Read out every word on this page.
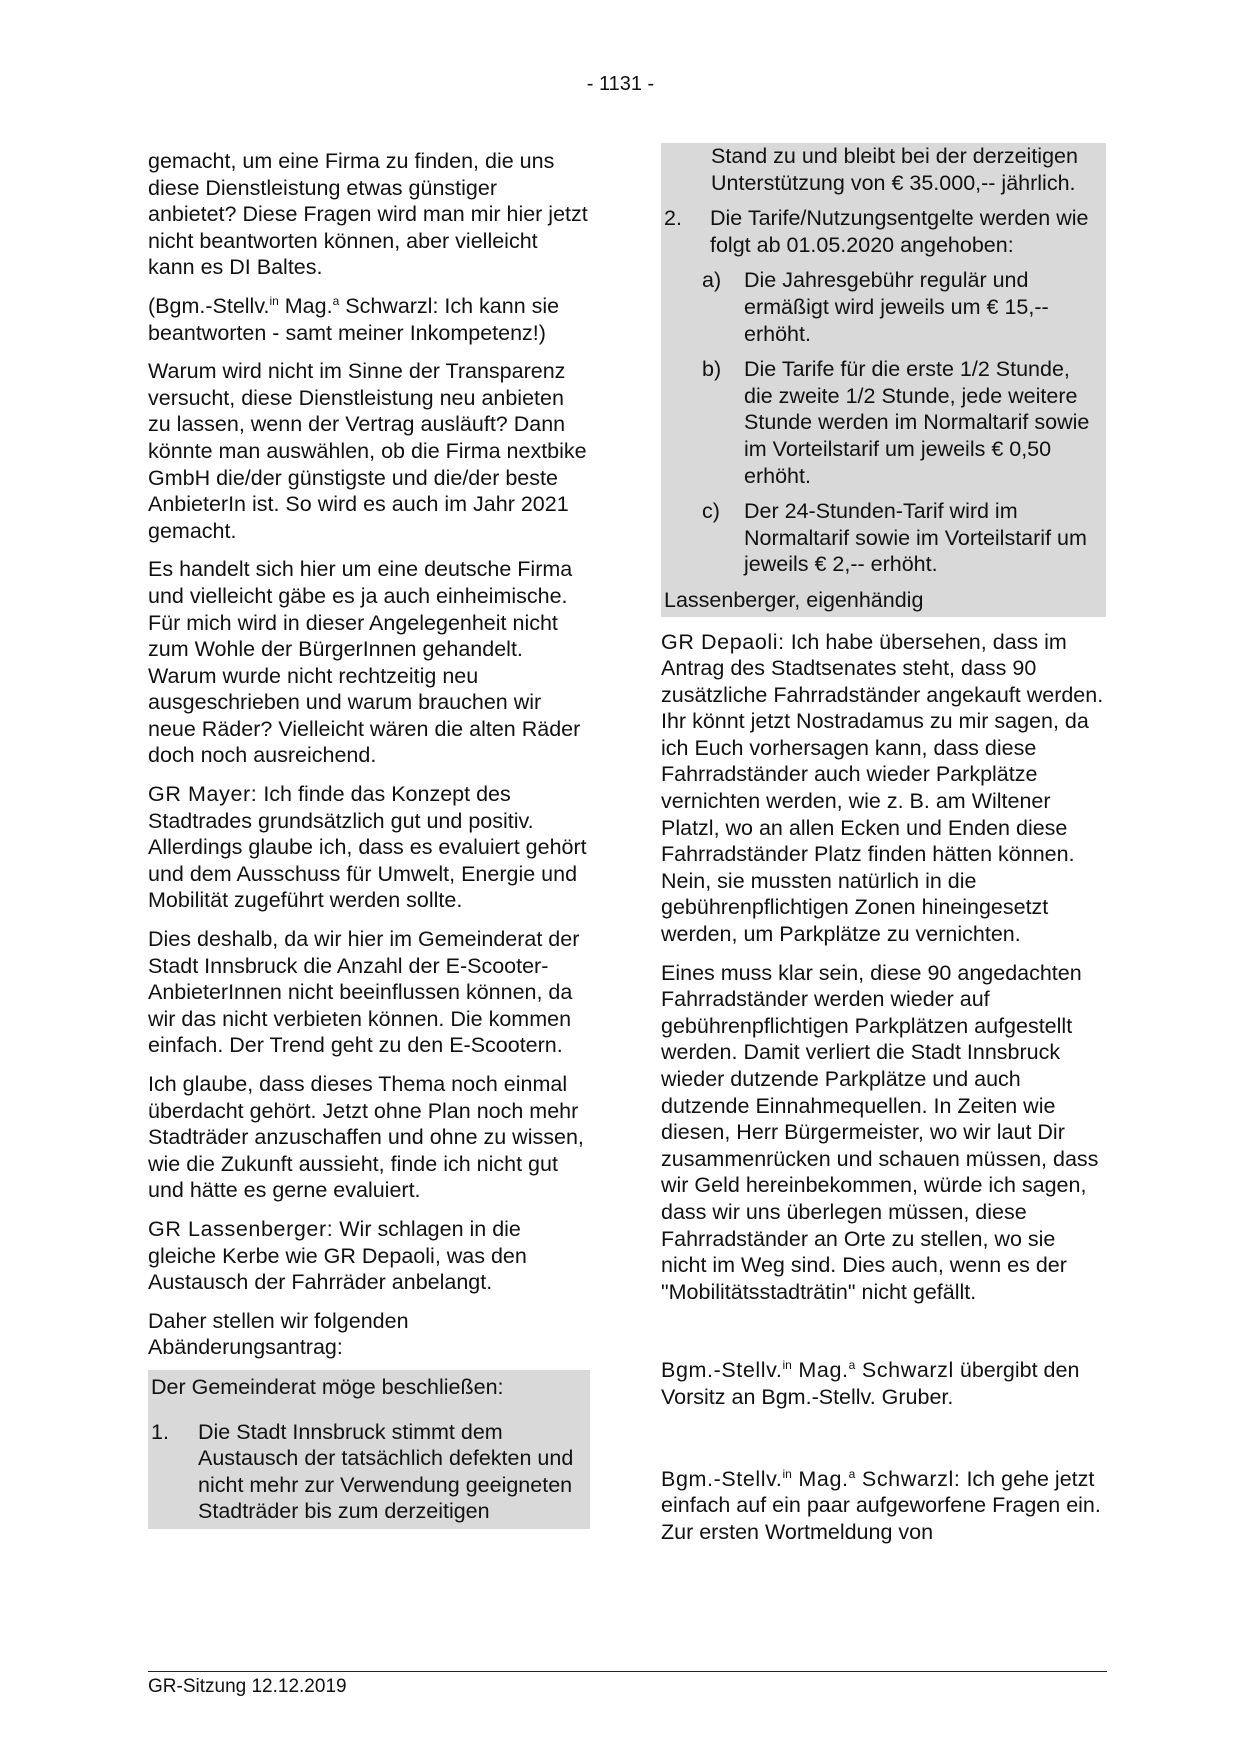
- 1131 -

gemacht, um eine Firma zu finden, die uns diese Dienstleistung etwas günstiger anbietet? Diese Fragen wird man mir hier jetzt nicht beantworten können, aber vielleicht kann es DI Baltes.

(Bgm.-Stellv.$^{in}$ Mag.$^a$ Schwarzl: Ich kann sie beantworten - samt meiner Inkompetenz!)

Warum wird nicht im Sinne der Transparenz versucht, diese Dienstleistung neu anbieten zu lassen, wenn der Vertrag ausläuft? Dann könnte man auswählen, ob die Firma nextbike GmbH die/der günstigste und die/der beste AnbieterIn ist. So wird es auch im Jahr 2021 gemacht.

Es handelt sich hier um eine deutsche Firma und vielleicht gäbe es ja auch einheimische. Für mich wird in dieser Angelegenheit nicht zum Wohle der BürgerInnen gehandelt. Warum wurde nicht rechtzeitig neu ausgeschrieben und warum brauchen wir neue Räder? Vielleicht wären die alten Räder doch noch ausreichend.

GR Mayer: Ich finde das Konzept des Stadtrades grundsätzlich gut und positiv. Allerdings glaube ich, dass es evaluiert gehört und dem Ausschuss für Umwelt, Energie und Mobilität zugeführt werden sollte.

Dies deshalb, da wir hier im Gemeinderat der Stadt Innsbruck die Anzahl der E-Scooter-AnbieterInnen nicht beeinflussen können, da wir das nicht verbieten können. Die kommen einfach. Der Trend geht zu den E-Scootern.

Ich glaube, dass dieses Thema noch einmal überdacht gehört. Jetzt ohne Plan noch mehr Stadträder anzuschaffen und ohne zu wissen, wie die Zukunft aussieht, finde ich nicht gut und hätte es gerne evaluiert.

GR Lassenberger: Wir schlagen in die gleiche Kerbe wie GR Depaoli, was den Austausch der Fahrräder anbelangt.

Daher stellen wir folgenden Abänderungsantrag:

Der Gemeinderat möge beschließen:
1. Die Stadt Innsbruck stimmt dem Austausch der tatsächlich defekten und nicht mehr zur Verwendung geeigneten Stadträder bis zum derzeitigen
Stand zu und bleibt bei der derzeitigen Unterstützung von € 35.000,-- jährlich.
2. Die Tarife/Nutzungsentgelte werden wie folgt ab 01.05.2020 angehoben:
a) Die Jahresgebühr regulär und ermäßigt wird jeweils um € 15,-- erhöht.
b) Die Tarife für die erste 1/2 Stunde, die zweite 1/2 Stunde, jede weitere Stunde werden im Normaltarif sowie im Vorteilstarif um jeweils € 0,50 erhöht.
c) Der 24-Stunden-Tarif wird im Normaltarif sowie im Vorteilstarif um jeweils € 2,-- erhöht.
Lassenberger, eigenhändig

GR Depaoli: Ich habe übersehen, dass im Antrag des Stadtsenates steht, dass 90 zusätzliche Fahrradständer angekauft werden. Ihr könnt jetzt Nostradamus zu mir sagen, da ich Euch vorhersagen kann, dass diese Fahrradständer auch wieder Parkplätze vernichten werden, wie z. B. am Wiltener Platzl, wo an allen Ecken und Enden diese Fahrradständer Platz finden hätten können. Nein, sie mussten natürlich in die gebührenpflichtigen Zonen hineingesetzt werden, um Parkplätze zu vernichten.

Eines muss klar sein, diese 90 angedachten Fahrradständer werden wieder auf gebührenpflichtigen Parkplätzen aufgestellt werden. Damit verliert die Stadt Innsbruck wieder dutzende Parkplätze und auch dutzende Einnahmequellen. In Zeiten wie diesen, Herr Bürgermeister, wo wir laut Dir zusammenrücken und schauen müssen, dass wir Geld hereinbekommen, würde ich sagen, dass wir uns überlegen müssen, diese Fahrradständer an Orte zu stellen, wo sie nicht im Weg sind. Dies auch, wenn es der "Mobilitätsstadträtin" nicht gefällt.

Bgm.-Stellv.$^{in}$ Mag.$^a$ Schwarzl übergibt den Vorsitz an Bgm.-Stellv. Gruber.

Bgm.-Stellv.$^{in}$ Mag.$^a$ Schwarzl: Ich gehe jetzt einfach auf ein paar aufgeworfene Fragen ein. Zur ersten Wortmeldung von

GR-Sitzung 12.12.2019
